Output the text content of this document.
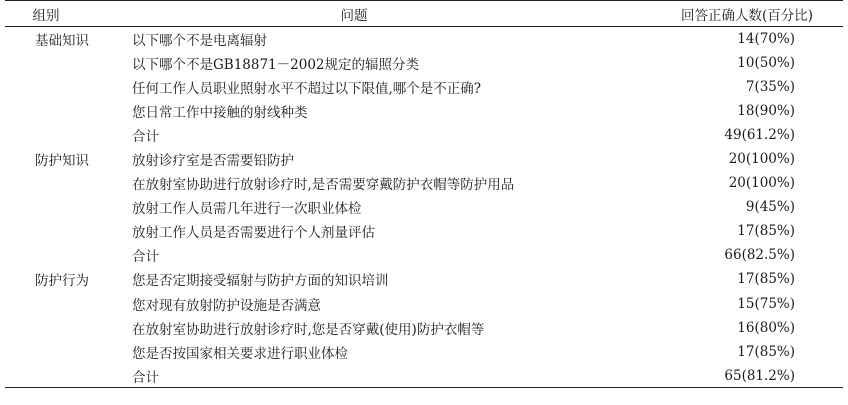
组别	问题	回答正确人数(百分比)
基础知识	以下哪个不是电离辐射	14(70%)
	以下哪个不是GB18871－2002规定的辐照分类	10(50%)
	任何工作人员职业照射水平不超过以下限值,哪个是不正确?	7(35%)
	您日常工作中接触的射线种类	18(90%)
	合计	49(61.2%)
防护知识	放射诊疗室是否需要铅防护	20(100%)
	在放射室协助进行放射诊疗时,是否需要穿戴防护衣帽等防护用品	20(100%)
	放射工作人员需几年进行一次职业体检	9(45%)
	放射工作人员是否需要进行个人剂量评估	17(85%)
	合计	66(82.5%)
防护行为	您是否定期接受辐射与防护方面的知识培训	17(85%)
	您对现有放射防护设施是否满意	15(75%)
	在放射室协助进行放射诊疗时,您是否穿戴(使用)防护衣帽等	16(80%)
	您是否按国家相关要求进行职业体检	17(85%)
	合计	65(81.2%)
